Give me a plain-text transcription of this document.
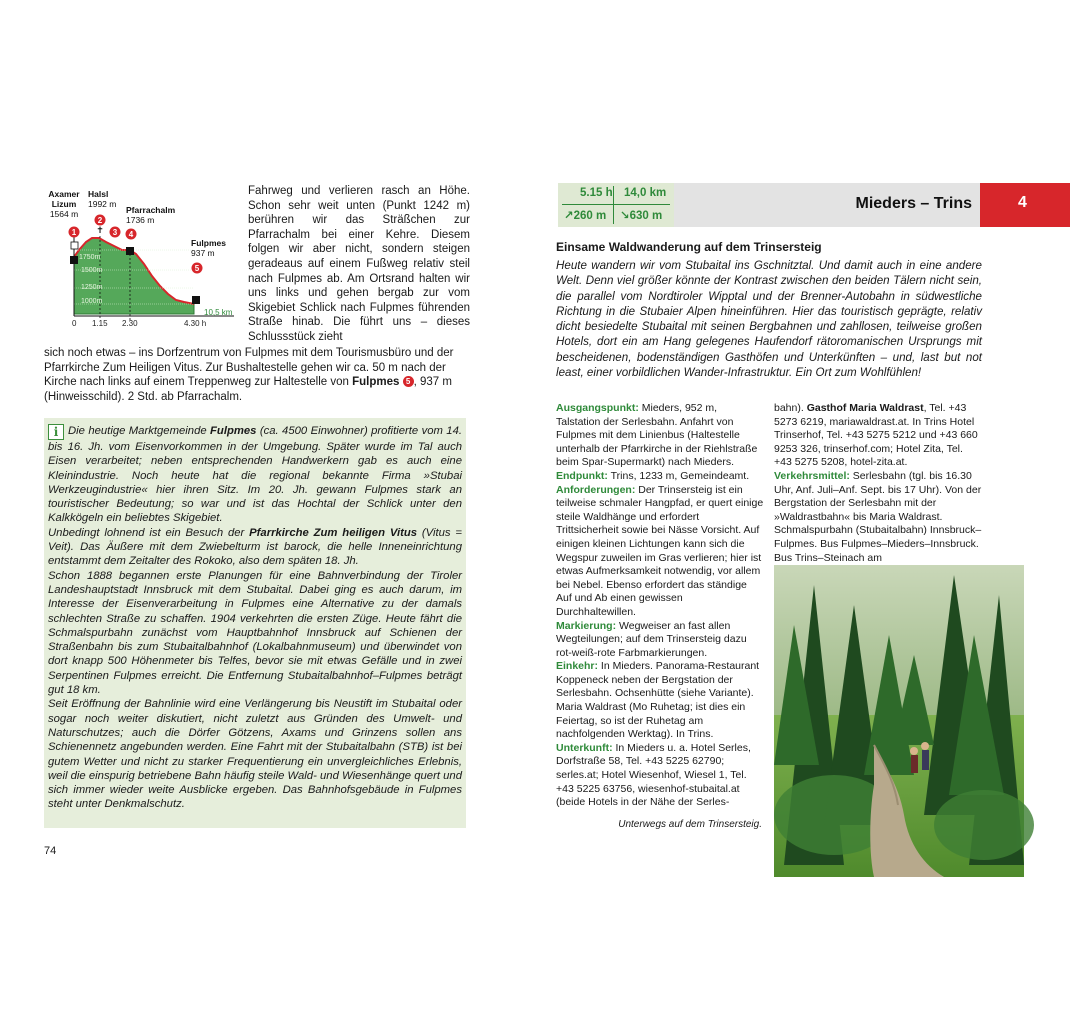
1
2
3 4
5
✝
Axamer Lizum
1564 m
Halsl
1992 m
Pfarrachalm
1736 m
Fulpmes
937 m
1750m
1500m
1250m
1000m
0 1.15 2.30	4.30 h
10,5 km
Fahrweg und verlieren rasch an Höhe. Schon sehr weit unten (Punkt 1242 m) berühren wir das Sträßchen zur Pfarrachalm bei einer Kehre. Diesem folgen wir aber nicht, sondern steigen geradeaus auf einem Fußweg relativ steil nach Fulpmes ab. Am Ortsrand halten wir uns links und gehen bergab zur vom Skigebiet Schlick nach Fulpmes führenden Straße hinab. Die führt uns – dieses Schlussstück zieht
sich noch etwas – ins Dorfzentrum von Fulpmes mit dem Tourismusbüro und der Pfarrkirche Zum Heiligen Vitus. Zur Bushaltestelle gehen wir ca. 50 m nach der Kirche nach links auf einem Treppenweg zur Haltestelle von Fulpmes 5 , 937 m (Hinweisschild). 2 Std. ab Pfarrachalm.

i Die heutige Marktgemeinde Fulpmes (ca. 4500 Einwohner) profitierte vom 14. bis 16. Jh. vom Eisenvorkommen in der Umgebung. Später wurde im Tal auch Eisen verarbeitet; neben entsprechenden Handwerkern gab es auch eine Kleinindustrie. Noch heute hat die regional bekannte Firma »Stubai Werkzeugindustrie« hier ihren Sitz. Im 20. Jh. gewann Fulpmes stark an touristischer Bedeutung; so war und ist das Hochtal der Schlick unter den Kalkkögeln ein beliebtes Skigebiet.

Unbedingt lohnend ist ein Besuch der Pfarrkirche Zum heiligen Vitus (Vitus = Veit). Das Äußere mit dem Zwiebelturm ist barock, die helle Inneneinrichtung entstammt dem Zeitalter des Rokoko, also dem späten 18. Jh.

Schon 1888 begannen erste Planungen für eine Bahnverbindung der Tiroler Landeshauptstadt Innsbruck mit dem Stubaital. Dabei ging es auch darum, im Interesse der Eisenverarbeitung in Fulpmes eine Alternative zu der damals schlechten Straße zu schaffen. 1904 verkehrten die ersten Züge. Heute fährt die Schmalspurbahn zunächst vom Hauptbahnhof Innsbruck auf Schienen der Straßenbahn bis zum Stubaitalbahnhof (Lokalbahnmuseum) und überwindet von dort knapp 500 Höhenmeter bis Telfes, bevor sie mit etwas Gefälle und in zwei Serpentinen Fulpmes erreicht. Die Entfernung Stubaitalbahnhof–Fulpmes beträgt gut 18 km.

Seit Eröffnung der Bahnlinie wird eine Verlängerung bis Neustift im Stubaital oder sogar noch weiter diskutiert, nicht zuletzt aus Gründen des Umwelt- und Naturschutzes; auch die Dörfer Götzens, Axams und Grinzens sollen ans Schienennetz angebunden werden. Eine Fahrt mit der Stubaitalbahn (STB) ist bei gutem Wetter und nicht zu starker Frequentierung ein unvergleichliches Erlebnis, weil die einspurig betriebene Bahn häufig steile Wald- und Wiesenhänge quert und sich immer wieder weite Ausblicke ergeben. Das Bahnhofsgebäude in Fulpmes steht unter Denkmalschutz.

74
5.15 h 14,0 km
↗260 m ↘630 m
Mieders – Trins	4
Einsame Waldwanderung auf dem Trinsersteig
Heute wandern wir vom Stubaital ins Gschnitztal. Und damit auch in eine andere Welt. Denn viel größer könnte der Kontrast zwischen den beiden Tälern nicht sein, die parallel vom Nordtiroler Wipptal und der Brenner-Autobahn in südwestliche Richtung in die Stubaier Alpen hineinführen. Hier das touristisch geprägte, relativ dicht besiedelte Stubaital mit seinen Bergbahnen und zahllosen, teilweise großen Hotels, dort ein am Hang gelegenes Haufendorf rätoromanischen Ursprungs mit bescheidenen, bodenständigen Gasthöfen und Unterkünften – und, last but not least, einer vorbildlichen Wander-Infrastruktur. Ein Ort zum Wohlfühlen!
Ausgangspunkt: Mieders, 952 m, Talstation der Serlesbahn. Anfahrt von Fulpmes mit dem Linienbus (Haltestelle unterhalb der Pfarrkirche in der Riehlstraße beim Spar-Supermarkt) nach Mieders.
Endpunkt: Trins, 1233 m, Gemeindeamt.
Anforderungen: Der Trinsersteig ist ein teilweise schmaler Hangpfad, er quert einige steile Waldhänge und erfordert Trittsicherheit sowie bei Nässe Vorsicht. Auf einigen kleinen Lichtungen kann sich die Wegspur zuweilen im Gras verlieren; hier ist etwas Aufmerksamkeit notwendig, vor allem bei Nebel. Ebenso erfordert das ständige Auf und Ab einen gewissen Durchhaltewillen.
Markierung: Wegweiser an fast allen Wegteilungen; auf dem Trinsersteig dazu rot-weiß-rote Farbmarkierungen.
Einkehr: In Mieders. Panorama-Restaurant Koppeneck neben der Bergstation der Serlesbahn. Ochsenhütte (siehe Variante). Maria Waldrast (Mo Ruhetag; ist dies ein Feiertag, so ist der Ruhetag am nachfolgenden Werktag). In Trins.
Unterkunft: In Mieders u. a. Hotel Serles, Dorfstraße 58, Tel. +43 5225 62790; serles.at; Hotel Wiesenhof, Wiesel 1, Tel. +43 5225 63756, wiesenhof-stubaital.at (beide Hotels in der Nähe der Serles-
bahn). Gasthof Maria Waldrast, Tel. +43 5273 6219, mariawaldrast.at. In Trins Hotel Trinserhof, Tel. +43 5275 5212 und +43 660 9253 326, trinserhof.com; Hotel Zita, Tel. +43 5275 5208, hotel-zita.at.
Verkehrsmittel: Serlesbahn (tgl. bis 16.30 Uhr, Anf. Juli–Anf. Sept. bis 17 Uhr). Von der Bergstation der Serlesbahn mit der »Waldrastbahn« bis Maria Waldrast. Schmalspurbahn (Stubaitalbahn) Innsbruck–Fulpmes. Bus Fulpmes–Mieders–Innsbruck. Bus Trins–Steinach am
Unterwegs auf dem Trinsersteig.
